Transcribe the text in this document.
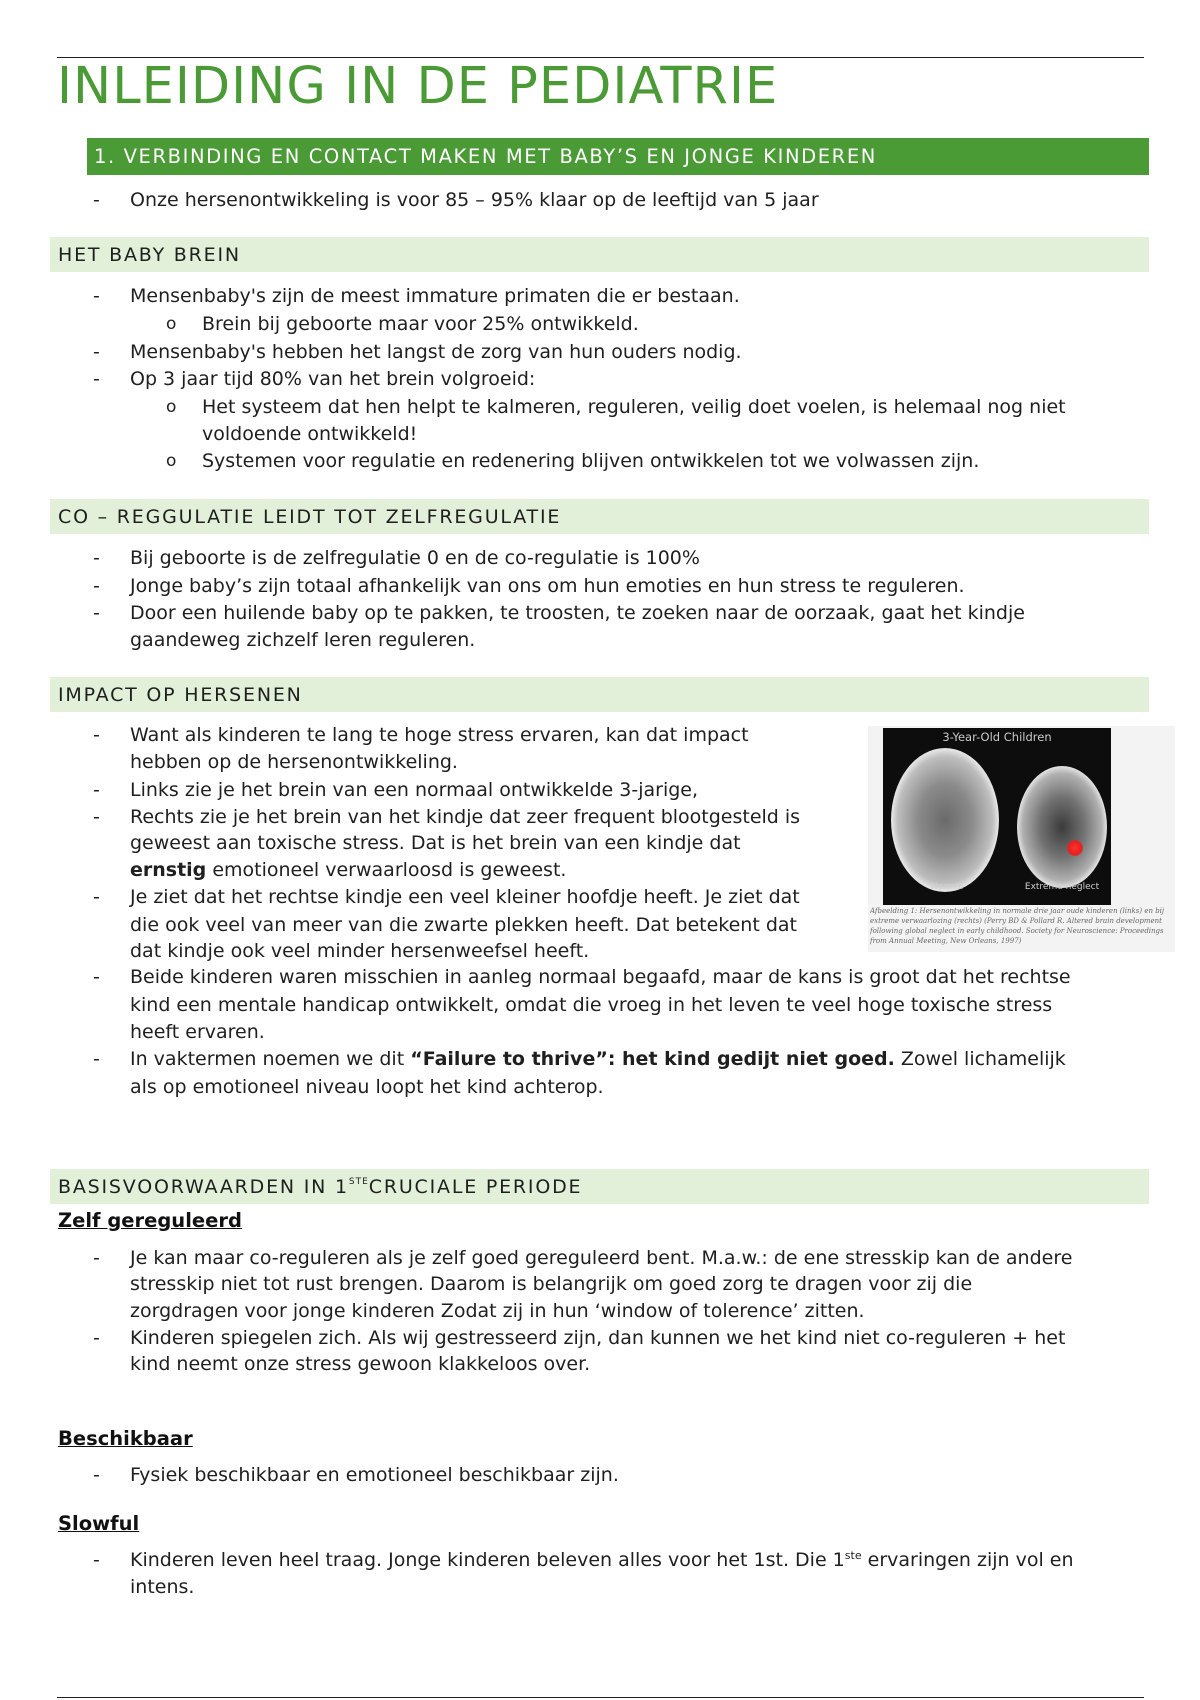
INLEIDING IN DE PEDIATRIE
1. VERBINDING EN CONTACT MAKEN MET BABY’S EN JONGE KINDEREN
- Onze hersenontwikkeling is voor 85 – 95% klaar op de leeftijd van 5 jaar
HET BABY BREIN
- Mensenbaby's zijn de meest immature primaten die er bestaan.
o Brein bij geboorte maar voor 25% ontwikkeld.
- Mensenbaby's hebben het langst de zorg van hun ouders nodig.
- Op 3 jaar tijd 80% van het brein volgroeid:
o Het systeem dat hen helpt te kalmeren, reguleren, veilig doet voelen, is helemaal nog niet
voldoende ontwikkeld!
o Systemen voor regulatie en redenering blijven ontwikkelen tot we volwassen zijn.
CO – REGGULATIE LEIDT TOT ZELFREGULATIE
- Bij geboorte is de zelfregulatie 0 en de co-regulatie is 100%
- Jonge baby’s zijn totaal afhankelijk van ons om hun emoties en hun stress te reguleren.
- Door een huilende baby op te pakken, te troosten, te zoeken naar de oorzaak, gaat het kindje
gaandeweg zichzelf leren reguleren.
IMPACT OP HERSENEN
- Want als kinderen te lang te hoge stress ervaren, kan dat impact
hebben op de hersenontwikkeling.
- Links zie je het brein van een normaal ontwikkelde 3-jarige,
- Rechts zie je het brein van het kindje dat zeer frequent blootgesteld is
geweest aan toxische stress. Dat is het brein van een kindje dat
ernstig emotioneel verwaarloosd is geweest.
- Je ziet dat het rechtse kindje een veel kleiner hoofdje heeft. Je ziet dat
die ook veel van meer van die zwarte plekken heeft. Dat betekent dat
dat kindje ook veel minder hersenweefsel heeft.
- Beide kinderen waren misschien in aanleg normaal begaafd, maar de kans is groot dat het rechtse
kind een mentale handicap ontwikkelt, omdat die vroeg in het leven te veel hoge toxische stress
heeft ervaren.
- In vaktermen noemen we dit “Failure to thrive”: het kind gedijt niet goed. Zowel lichamelijk
als op emotioneel niveau loopt het kind achterop.
3-Year-Old Children
Normal	Extreme neglect
Afbeelding 1: Hersenontwikkeling in normale drie jaar oude kinderen (links) en bij extreme verwaarlozing (rechts) (Perry BD & Pollard R. Altered brain development following global neglect in early childhood. Society for Neuroscience: Proceedings from Annual Meeting, New Orleans, 1997)
BASISVOORWAARDEN IN 1STE CRUCIALE PERIODE
Zelf gereguleerd
- Je kan maar co-reguleren als je zelf goed gereguleerd bent. M.a.w.: de ene stresskip kan de andere
stresskip niet tot rust brengen. Daarom is belangrijk om goed zorg te dragen voor zij die
zorgdragen voor jonge kinderen Zodat zij in hun ‘window of tolerence’ zitten.
- Kinderen spiegelen zich. Als wij gestresseerd zijn, dan kunnen we het kind niet co-reguleren + het
kind neemt onze stress gewoon klakkeloos over.
Beschikbaar
- Fysiek beschikbaar en emotioneel beschikbaar zijn.
Slowful
- Kinderen leven heel traag. Jonge kinderen beleven alles voor het 1st. Die 1ste ervaringen zijn vol en
intens.
